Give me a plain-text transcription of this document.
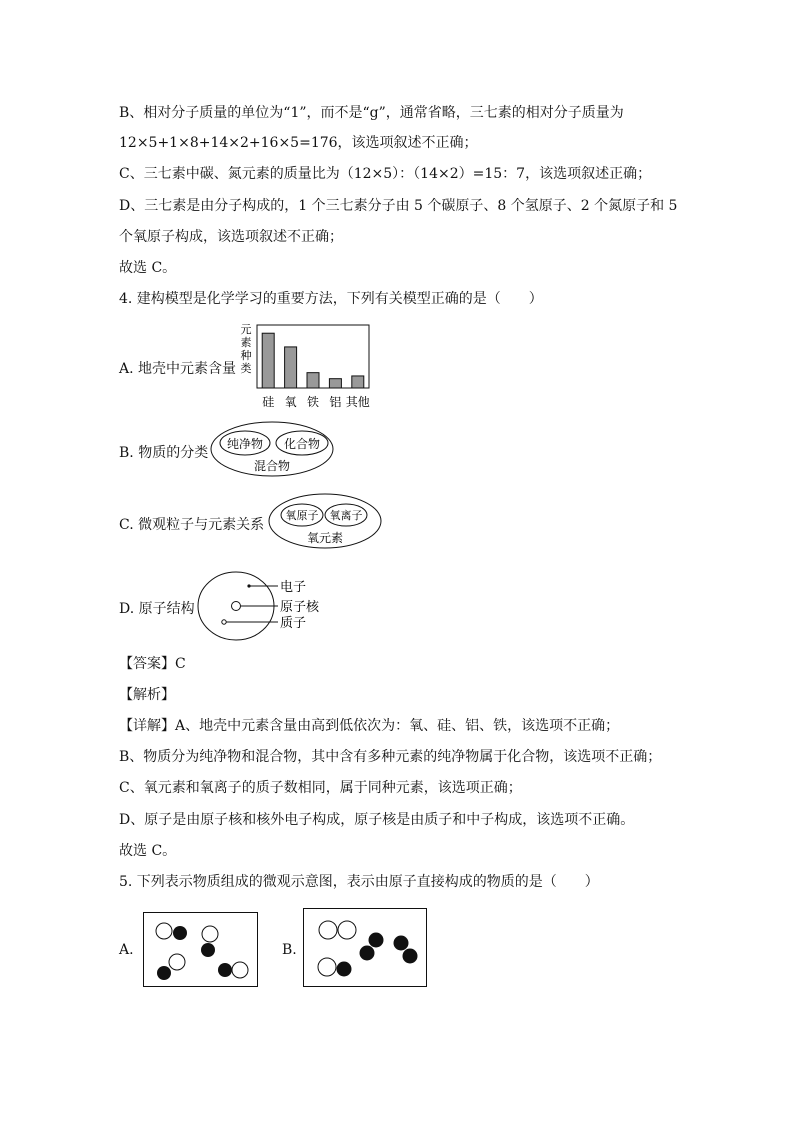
B、相对分子质量的单位为“1”，而不是“g”，通常省略，三七素的相对分子质量为
12×5+1×8+14×2+16×5=176，该选项叙述不正确；
C、三七素中碳、氮元素的质量比为（12×5）：（14×2）=15：7，该选项叙述正确；
D、三七素是由分子构成的，1 个三七素分子由 5 个碳原子、8 个氢原子、2 个氮原子和 5
个氧原子构成，该选项叙述不正确；
故选 C。
4. 建构模型是化学学习的重要方法，下列有关模型正确的是（　　）
A. 地壳中元素含量
元
素
种
类
硅 氧 铁 铝 其他
B. 物质的分类
纯净物 化合物
混合物
C. 微观粒子与元素关系
氧原子 氧离子
氧元素
D. 原子结构
电子
原子核
质子
【答案】C
【解析】
【详解】A、地壳中元素含量由高到低依次为：氧、硅、铝、铁，该选项不正确；
B、物质分为纯净物和混合物，其中含有多种元素的纯净物属于化合物，该选项不正确；
C、氧元素和氧离子的质子数相同，属于同种元素，该选项正确；
D、原子是由原子核和核外电子构成，原子核是由质子和中子构成，该选项不正确。
故选 C。
5. 下列表示物质组成的微观示意图，表示由原子直接构成的物质的是（　　）
A.	B.
